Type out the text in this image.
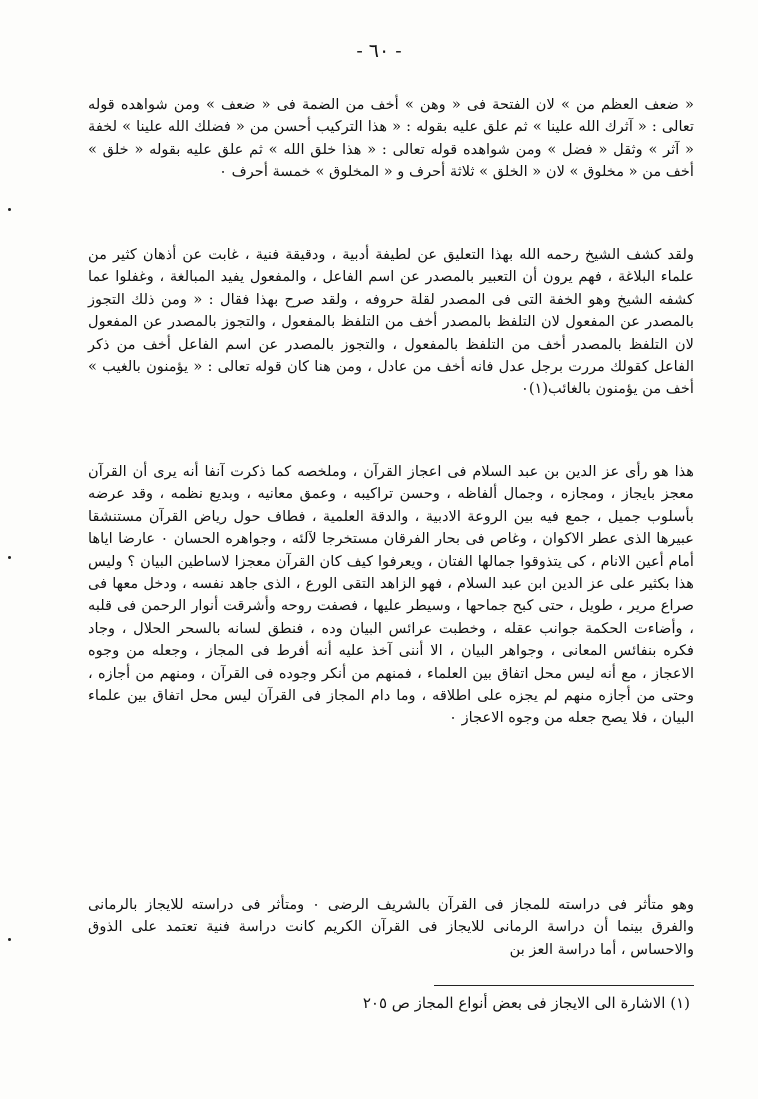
- ٦٠ -

« ضعف العظم من » لان الفتحة فى « وهن » أخف من الضمة فى « ضعف » ومن شواهده قوله تعالى : « آثرك الله علينا » ثم علق عليه بقوله : « هذا التركيب أحسن من « فضلك الله علينا » لخفة « آثر » وثقل « فضل » ومن شواهده قوله تعالى : « هذا خلق الله » ثم علق عليه بقوله « خلق » أخف من « مخلوق » لان « الخلق » ثلاثة أحرف و « المخلوق » خمسة أحرف ٠

ولقد كشف الشيخ رحمه الله بهذا التعليق عن لطيفة أدبية ، ودقيقة فنية ، غابت عن أذهان كثير من علماء البلاغة ، فهم يرون أن التعبير بالمصدر عن اسم الفاعل ، والمفعول يفيد المبالغة ، وغفلوا عما كشفه الشيخ وهو الخفة التى فى المصدر لقلة حروفه ، ولقد صرح بهذا فقال : « ومن ذلك التجوز بالمصدر عن المفعول لان التلفظ بالمصدر أخف من التلفظ بالمفعول ، والتجوز بالمصدر عن المفعول لان التلفظ بالمصدر أخف من التلفظ بالمفعول ، والتجوز بالمصدر عن اسم الفاعل أخف من ذكر الفاعل كقولك مررت برجل عدل فانه أخف من عادل ، ومن هنا كان قوله تعالى : « يؤمنون بالغيب » أخف من يؤمنون بالغائب(١)٠

هذا هو رأى عز الدين بن عبد السلام فى اعجاز القرآن ، وملخصه كما ذكرت آنفا أنه يرى أن القرآن معجز بايجاز ، ومجازه ، وجمال ألفاظه ، وحسن تراكيبه ، وعمق معانيه ، وبديع نظمه ، وقد عرضه بأسلوب جميل ، جمع فيه بين الروعة الادبية ، والدقة العلمية ، فطاف حول رياض القرآن مستنشقا عبيرها الذى عطر الاكوان ، وغاص فى بحار الفرقان مستخرجا لآلئه ، وجواهره الحسان ٠ عارضا اياها أمام أعين الانام ، كى يتذوقوا جمالها الفتان ، ويعرفوا كيف كان القرآن معجزا لاساطين البيان ؟ وليس هذا بكثير على عز الدين ابن عبد السلام ، فهو الزاهد التقى الورع ، الذى جاهد نفسه ، ودخل معها فى صراع مرير ، طويل ، حتى كبح جماحها ، وسيطر عليها ، فصفت روحه وأشرقت أنوار الرحمن فى قلبه ، وأضاءت الحكمة جوانب عقله ، وخطبت عرائس البيان وده ، فنطق لسانه بالسحر الحلال ، وجاد فكره بنفائس المعانى ، وجواهر البيان ، الا أننى آخذ عليه أنه أفرط فى المجاز ، وجعله من وجوه الاعجاز ، مع أنه ليس محل اتفاق بين العلماء ، فمنهم من أنكر وجوده فى القرآن ، ومنهم من أجازه ، وحتى من أجازه منهم لم يجزه على اطلاقه ، وما دام المجاز فى القرآن ليس محل اتفاق بين علماء البيان ، فلا يصح جعله من وجوه الاعجاز ٠

وهو متأثر فى دراسته للمجاز فى القرآن بالشريف الرضى ٠ ومتأثر فى دراسته للايجاز بالرمانى والفرق بينما أن دراسة الرمانى للايجاز فى القرآن الكريم كانت دراسة فنية تعتمد على الذوق والاحساس ، أما دراسة العز بن

(١) الاشارة الى الايجاز فى بعض أنواع المجاز ص ٢٠٥
